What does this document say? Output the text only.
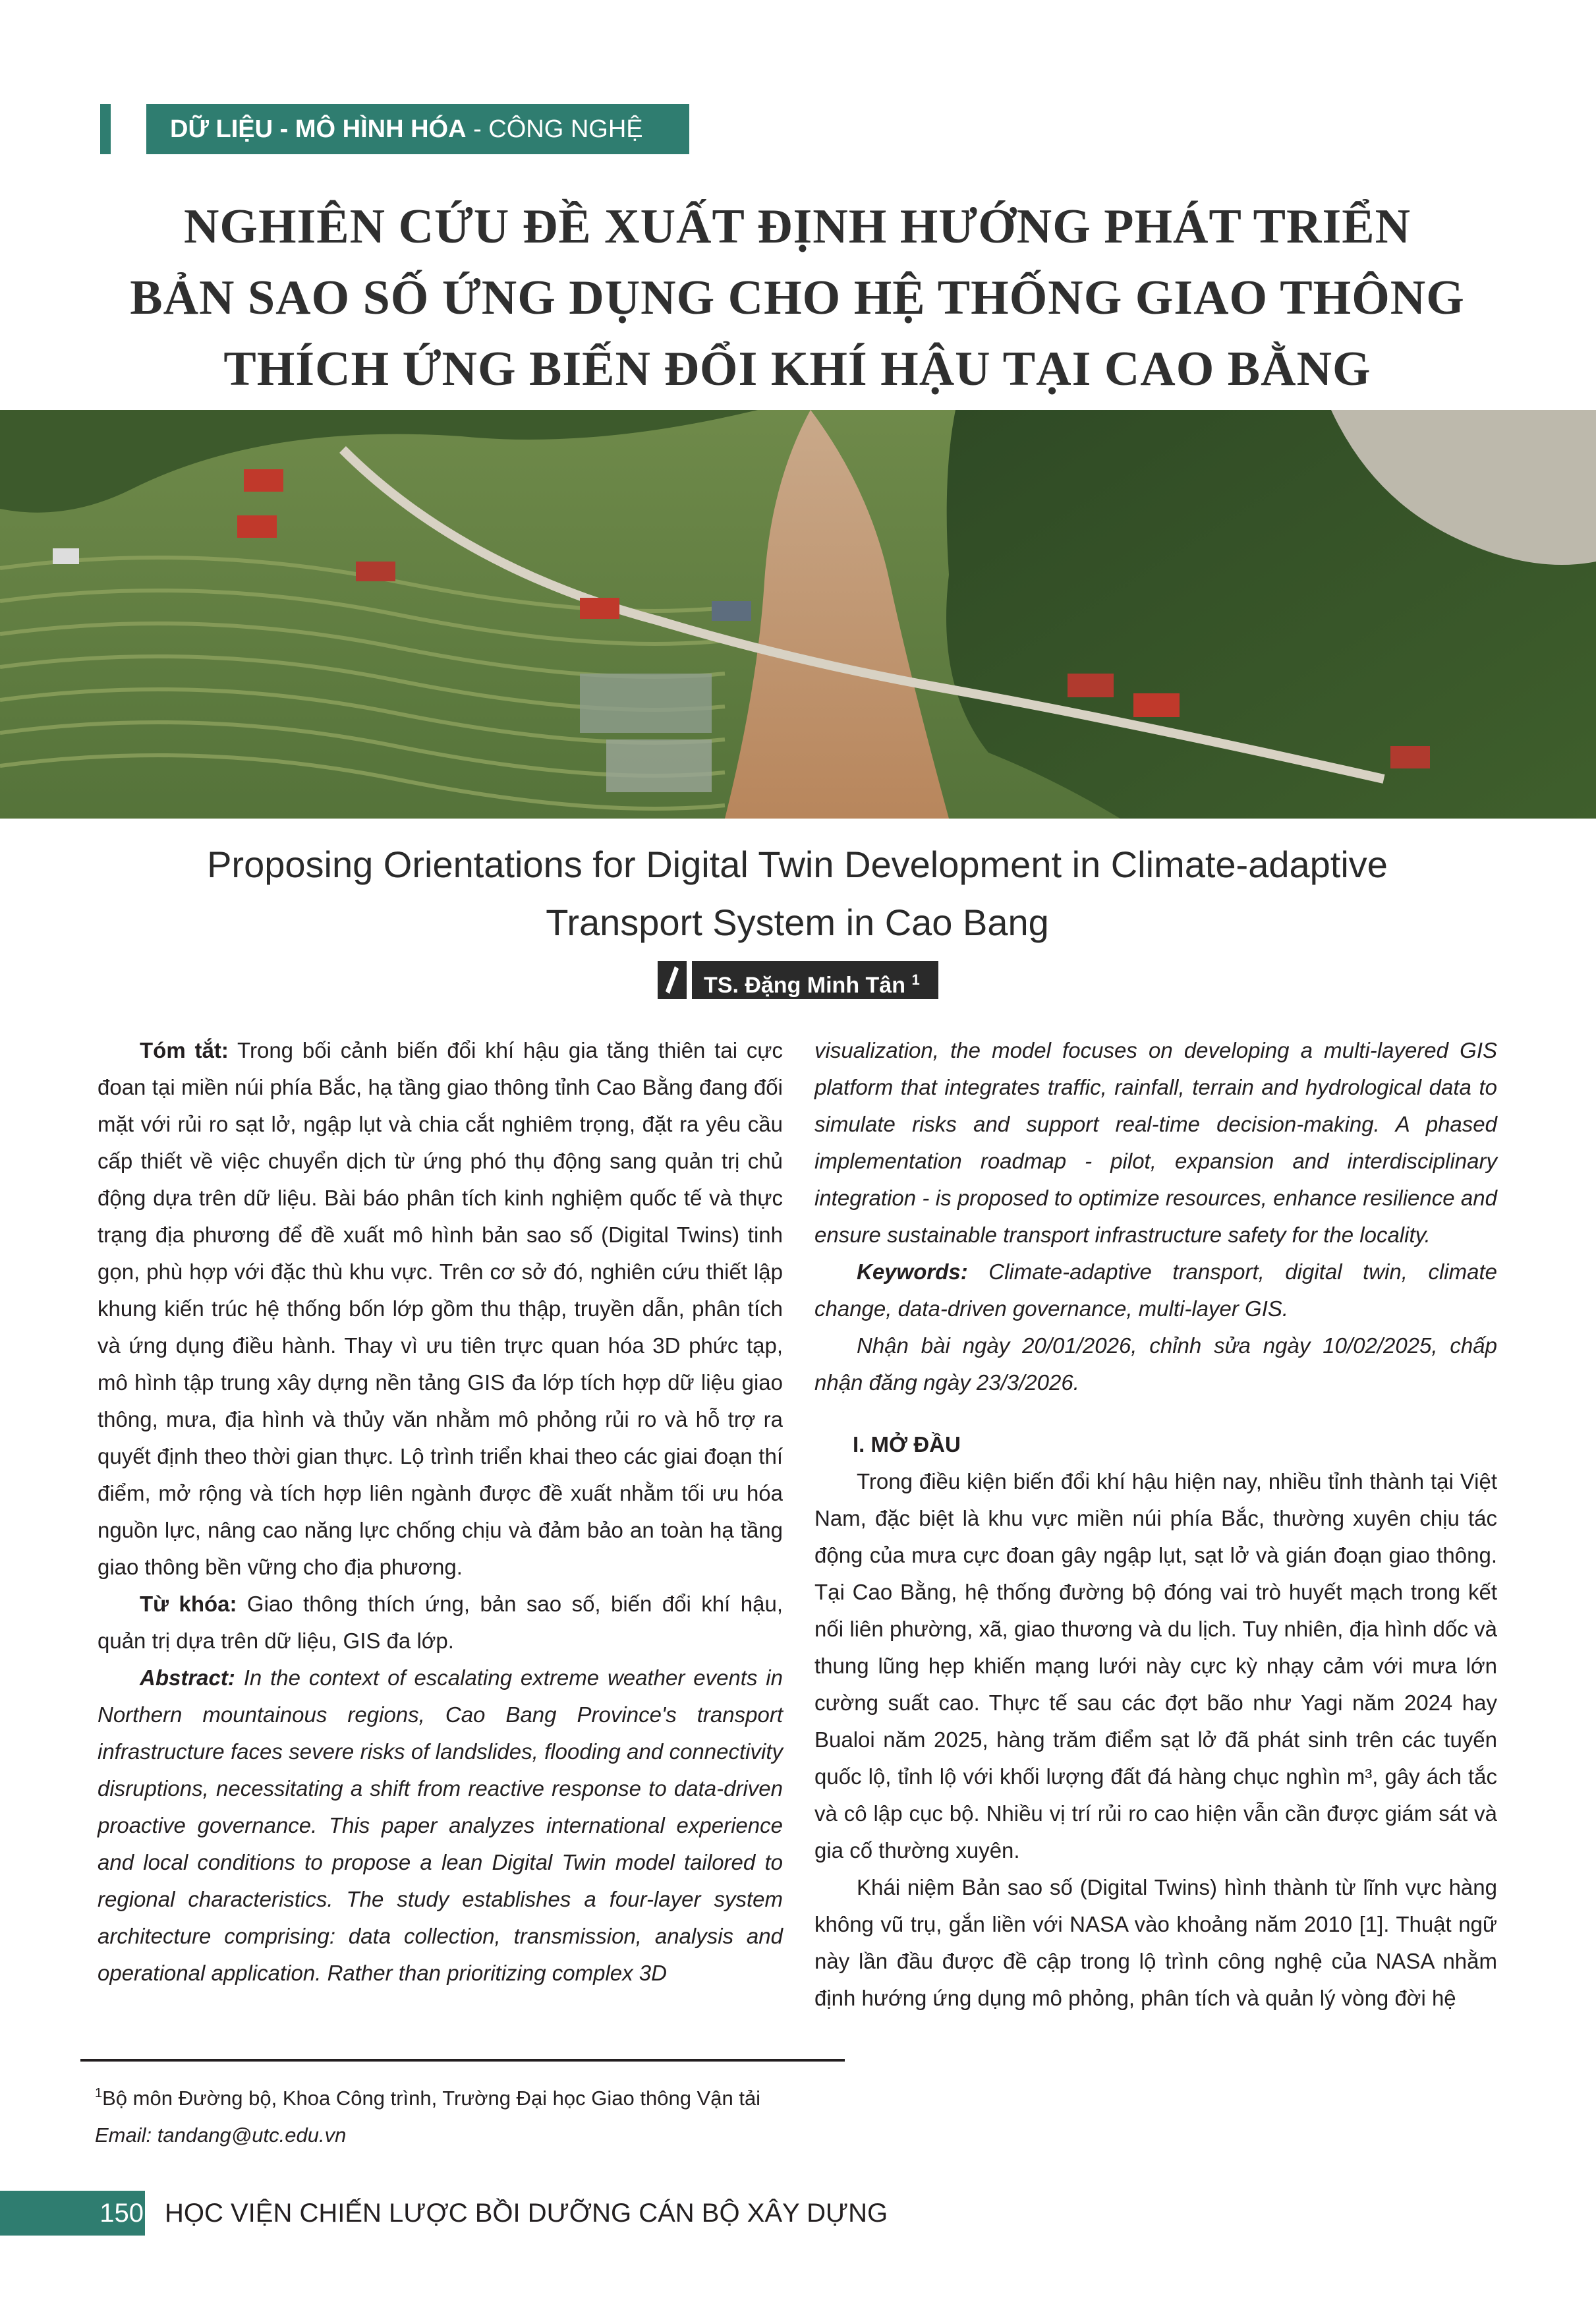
DỮ LIỆU - MÔ HÌNH HÓA - CÔNG NGHỆ
NGHIÊN CỨU ĐỀ XUẤT ĐỊNH HƯỚNG PHÁT TRIỂN
BẢN SAO SỐ ỨNG DỤNG CHO HỆ THỐNG GIAO THÔNG
THÍCH ỨNG BIẾN ĐỔI KHÍ HẬU TẠI CAO BẰNG
Proposing Orientations for Digital Twin Development in Climate-adaptive
Transport System in Cao Bang
TS. Đặng Minh Tân $^1$

Tóm tắt: Trong bối cảnh biến đổi khí hậu gia tăng thiên tai cực đoan tại miền núi phía Bắc, hạ tầng giao thông tỉnh Cao Bằng đang đối mặt với rủi ro sạt lở, ngập lụt và chia cắt nghiêm trọng, đặt ra yêu cầu cấp thiết về việc chuyển dịch từ ứng phó thụ động sang quản trị chủ động dựa trên dữ liệu. Bài báo phân tích kinh nghiệm quốc tế và thực trạng địa phương để đề xuất mô hình bản sao số (Digital Twins) tinh gọn, phù hợp với đặc thù khu vực. Trên cơ sở đó, nghiên cứu thiết lập khung kiến trúc hệ thống bốn lớp gồm thu thập, truyền dẫn, phân tích và ứng dụng điều hành. Thay vì ưu tiên trực quan hóa 3D phức tạp, mô hình tập trung xây dựng nền tảng GIS đa lớp tích hợp dữ liệu giao thông, mưa, địa hình và thủy văn nhằm mô phỏng rủi ro và hỗ trợ ra quyết định theo thời gian thực. Lộ trình triển khai theo các giai đoạn thí điểm, mở rộng và tích hợp liên ngành được đề xuất nhằm tối ưu hóa nguồn lực, nâng cao năng lực chống chịu và đảm bảo an toàn hạ tầng giao thông bền vững cho địa phương.

Từ khóa: Giao thông thích ứng, bản sao số, biến đổi khí hậu, quản trị dựa trên dữ liệu, GIS đa lớp.

Abstract: In the context of escalating extreme weather events in Northern mountainous regions, Cao Bang Province's transport infrastructure faces severe risks of landslides, flooding and connectivity disruptions, necessitating a shift from reactive response to data-driven proactive governance. This paper analyzes international experience and local conditions to propose a lean Digital Twin model tailored to regional characteristics. The study establishes a four-layer system architecture comprising: data collection, transmission, analysis and operational application. Rather than prioritizing complex 3D

visualization, the model focuses on developing a multi-layered GIS platform that integrates traffic, rainfall, terrain and hydrological data to simulate risks and support real-time decision-making. A phased implementation roadmap - pilot, expansion and interdisciplinary integration - is proposed to optimize resources, enhance resilience and ensure sustainable transport infrastructure safety for the locality.

Keywords: Climate-adaptive transport, digital twin, climate change, data-driven governance, multi-layer GIS.

Nhận bài ngày 20/01/2026, chỉnh sửa ngày 10/02/2025, chấp nhận đăng ngày 23/3/2026.

I. MỞ ĐẦU

Trong điều kiện biến đổi khí hậu hiện nay, nhiều tỉnh thành tại Việt Nam, đặc biệt là khu vực miền núi phía Bắc, thường xuyên chịu tác động của mưa cực đoan gây ngập lụt, sạt lở và gián đoạn giao thông. Tại Cao Bằng, hệ thống đường bộ đóng vai trò huyết mạch trong kết nối liên phường, xã, giao thương và du lịch. Tuy nhiên, địa hình dốc và thung lũng hẹp khiến mạng lưới này cực kỳ nhạy cảm với mưa lớn cường suất cao. Thực tế sau các đợt bão như Yagi năm 2024 hay Bualoi năm 2025, hàng trăm điểm sạt lở đã phát sinh trên các tuyến quốc lộ, tỉnh lộ với khối lượng đất đá hàng chục nghìn m³, gây ách tắc và cô lập cục bộ. Nhiều vị trí rủi ro cao hiện vẫn cần được giám sát và gia cố thường xuyên.

Khái niệm Bản sao số (Digital Twins) hình thành từ lĩnh vực hàng không vũ trụ, gắn liền với NASA vào khoảng năm 2010 [1]. Thuật ngữ này lần đầu được đề cập trong lộ trình công nghệ của NASA nhằm định hướng ứng dụng mô phỏng, phân tích và quản lý vòng đời hệ

$^1$Bộ môn Đường bộ, Khoa Công trình, Trường Đại học Giao thông Vận tải
Email: tandang@utc.edu.vn
150 HỌC VIỆN CHIẾN LƯỢC BỒI DƯỠNG CÁN BỘ XÂY DỰNG
